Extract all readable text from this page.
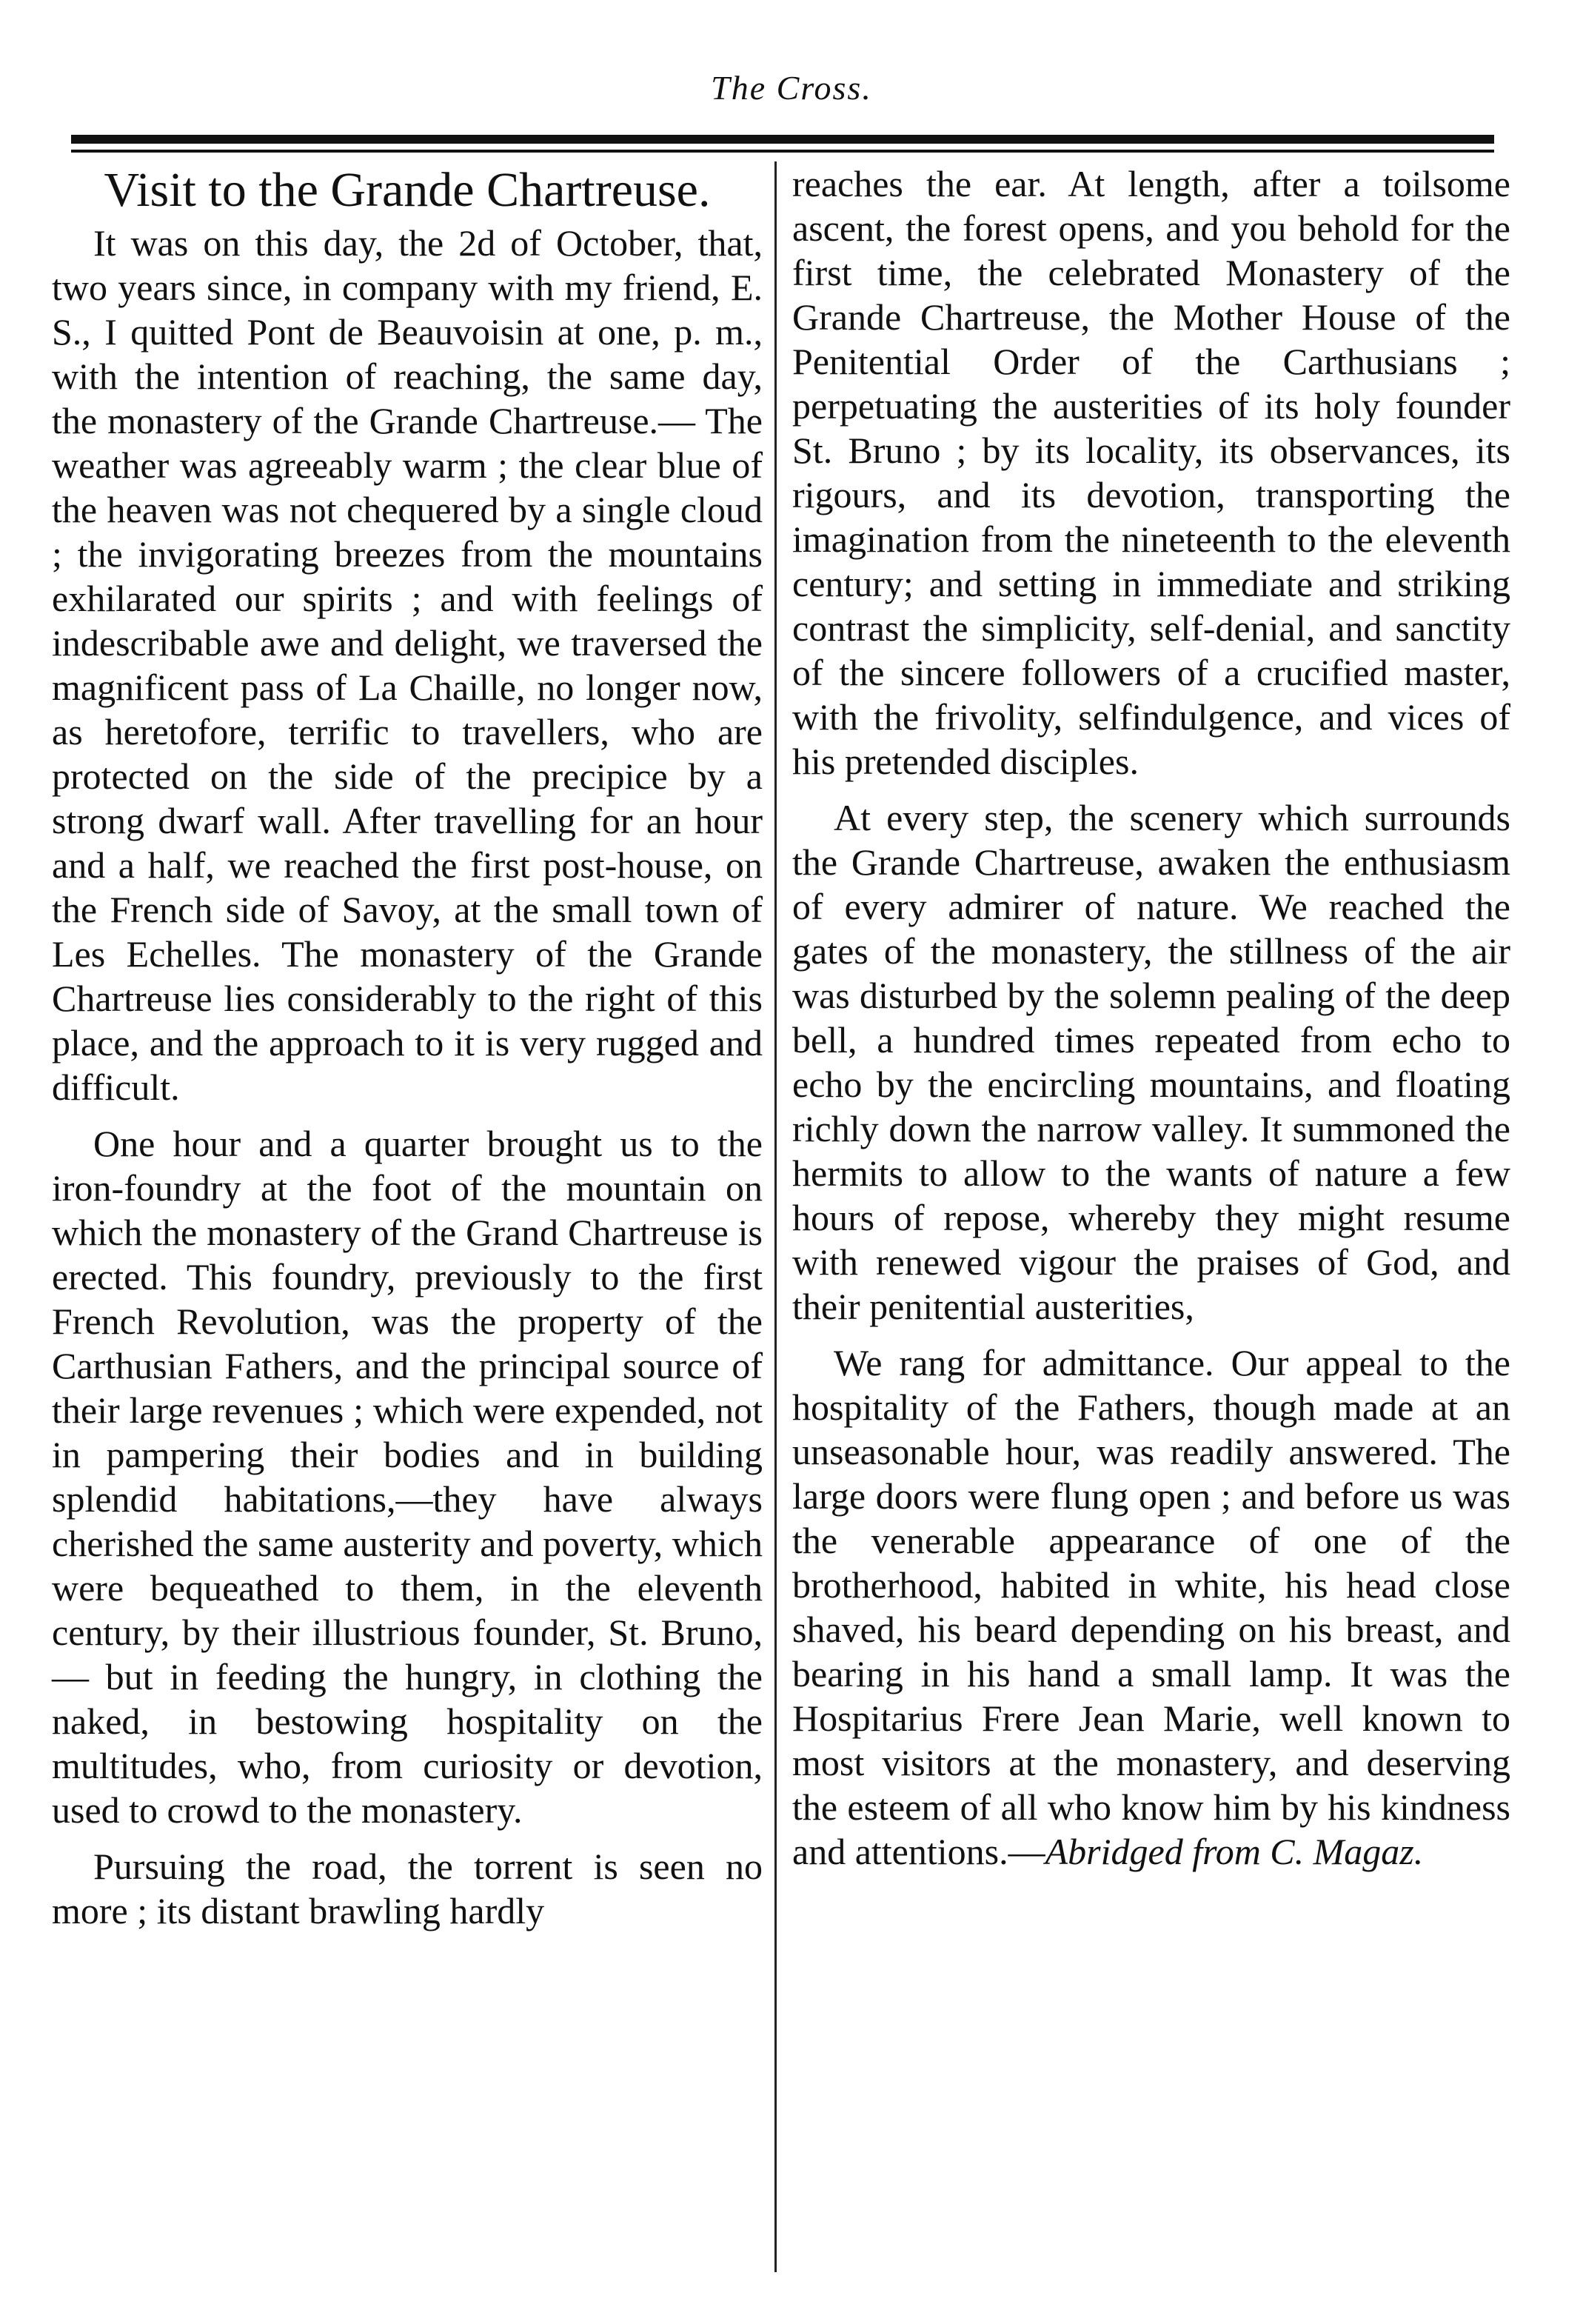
The Cross.
Visit to the Grande Chartreuse.

It was on this day, the 2d of October, that, two years since, in company with my friend, E. S., I quitted Pont de Beauvoisin at one, p. m., with the intention of reaching, the same day, the monastery of the Grande Chartreuse.— The weather was agreeably warm ; the clear blue of the heaven was not chequered by a single cloud ; the invigorating breezes from the mountains exhilarated our spirits ; and with feelings of indescribable awe and delight, we traversed the magnificent pass of La Chaille, no longer now, as heretofore, terrific to travellers, who are protected on the side of the precipice by a strong dwarf wall. After travelling for an hour and a half, we reached the first post-house, on the French side of Savoy, at the small town of Les Echelles. The monastery of the Grande Chartreuse lies considerably to the right of this place, and the approach to it is very rugged and difficult.

One hour and a quarter brought us to the iron-foundry at the foot of the mountain on which the monastery of the Grand Chartreuse is erected. This foundry, previously to the first French Revolution, was the property of the Carthusian Fathers, and the principal source of their large revenues ; which were expended, not in pampering their bodies and in building splendid habitations,—they have always cherished the same austerity and poverty, which were bequeathed to them, in the eleventh century, by their illustrious founder, St. Bruno,— but in feeding the hungry, in clothing the naked, in bestowing hospitality on the multitudes, who, from curiosity or devotion, used to crowd to the monastery.

Pursuing the road, the torrent is seen no more ; its distant brawling hardly

reaches the ear. At length, after a toilsome ascent, the forest opens, and you behold for the first time, the celebrated Monastery of the Grande Chartreuse, the Mother House of the Penitential Order of the Carthusians ; perpetuating the austerities of its holy founder St. Bruno ; by its locality, its observances, its rigours, and its devotion, transporting the imagination from the nineteenth to the eleventh century; and setting in immediate and striking contrast the simplicity, self-denial, and sanctity of the sincere followers of a crucified master, with the frivolity, selfindulgence, and vices of his pretended disciples.

At every step, the scenery which surrounds the Grande Chartreuse, awaken the enthusiasm of every admirer of nature. We reached the gates of the monastery, the stillness of the air was disturbed by the solemn pealing of the deep bell, a hundred times repeated from echo to echo by the encircling mountains, and floating richly down the narrow valley. It summoned the hermits to allow to the wants of nature a few hours of repose, whereby they might resume with renewed vigour the praises of God, and their penitential austerities,

We rang for admittance. Our appeal to the hospitality of the Fathers, though made at an unseasonable hour, was readily answered. The large doors were flung open ; and before us was the venerable appearance of one of the brotherhood, habited in white, his head close shaved, his beard depending on his breast, and bearing in his hand a small lamp. It was the Hospitarius Frere Jean Marie, well known to most visitors at the monastery, and deserving the esteem of all who know him by his kindness and attentions.—Abridged from C. Magaz.
